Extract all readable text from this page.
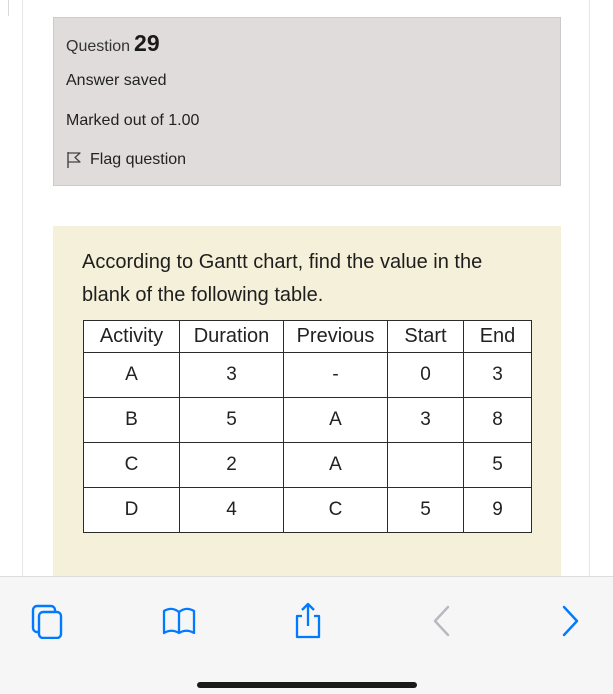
Question 29
Answer saved
Marked out of 1.00
Flag question
According to Gantt chart, find the value in the blank of the following table.
Activity	Duration	Previous	Start	End
A	3	-	0	3
B	5	A	3	8
C	2	A		5
D	4	C	5	9
